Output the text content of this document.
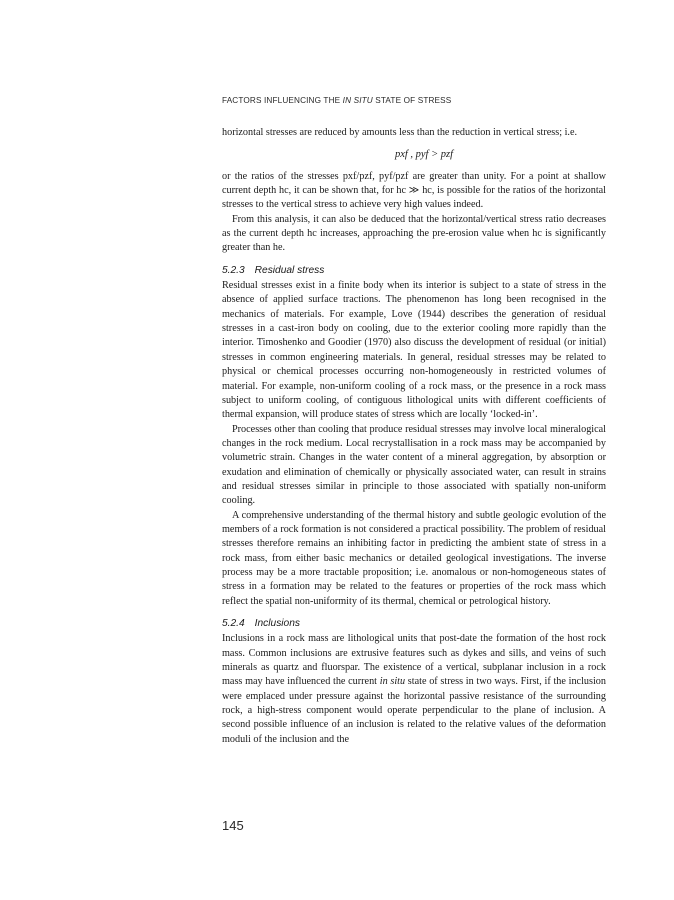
FACTORS INFLUENCING THE IN SITU STATE OF STRESS

horizontal stresses are reduced by amounts less than the reduction in vertical stress; i.e.

pxf , pyf > pzf

or the ratios of the stresses pxf/pzf, pyf/pzf are greater than unity. For a point at shallow current depth hc, it can be shown that, for hc ≫ hc, is possible for the ratios of the horizontal stresses to the vertical stress to achieve very high values indeed.

From this analysis, it can also be deduced that the horizontal/vertical stress ratio decreases as the current depth hc increases, approaching the pre-erosion value when hc is significantly greater than he.

5.2.3 Residual stress

Residual stresses exist in a finite body when its interior is subject to a state of stress in the absence of applied surface tractions. The phenomenon has long been recognised in the mechanics of materials. For example, Love (1944) describes the generation of residual stresses in a cast-iron body on cooling, due to the exterior cooling more rapidly than the interior. Timoshenko and Goodier (1970) also discuss the development of residual (or initial) stresses in common engineering materials. In general, residual stresses may be related to physical or chemical processes occurring non-homogeneously in restricted volumes of material. For example, non-uniform cooling of a rock mass, or the presence in a rock mass subject to uniform cooling, of contiguous lithological units with different coefficients of thermal expansion, will produce states of stress which are locally ‘locked-in’.

Processes other than cooling that produce residual stresses may involve local mineralogical changes in the rock medium. Local recrystallisation in a rock mass may be accompanied by volumetric strain. Changes in the water content of a mineral aggregation, by absorption or exudation and elimination of chemically or physically associated water, can result in strains and residual stresses similar in principle to those associated with spatially non-uniform cooling.

A comprehensive understanding of the thermal history and subtle geologic evolution of the members of a rock formation is not considered a practical possibility. The problem of residual stresses therefore remains an inhibiting factor in predicting the ambient state of stress in a rock mass, from either basic mechanics or detailed geological investigations. The inverse process may be a more tractable proposition; i.e. anomalous or non-homogeneous states of stress in a formation may be related to the features or properties of the rock mass which reflect the spatial non-uniformity of its thermal, chemical or petrological history.

5.2.4 Inclusions

Inclusions in a rock mass are lithological units that post-date the formation of the host rock mass. Common inclusions are extrusive features such as dykes and sills, and veins of such minerals as quartz and fluorspar. The existence of a vertical, subplanar inclusion in a rock mass may have influenced the current in situ state of stress in two ways. First, if the inclusion were emplaced under pressure against the horizontal passive resistance of the surrounding rock, a high-stress component would operate perpendicular to the plane of inclusion. A second possible influence of an inclusion is related to the relative values of the deformation moduli of the inclusion and the

145
